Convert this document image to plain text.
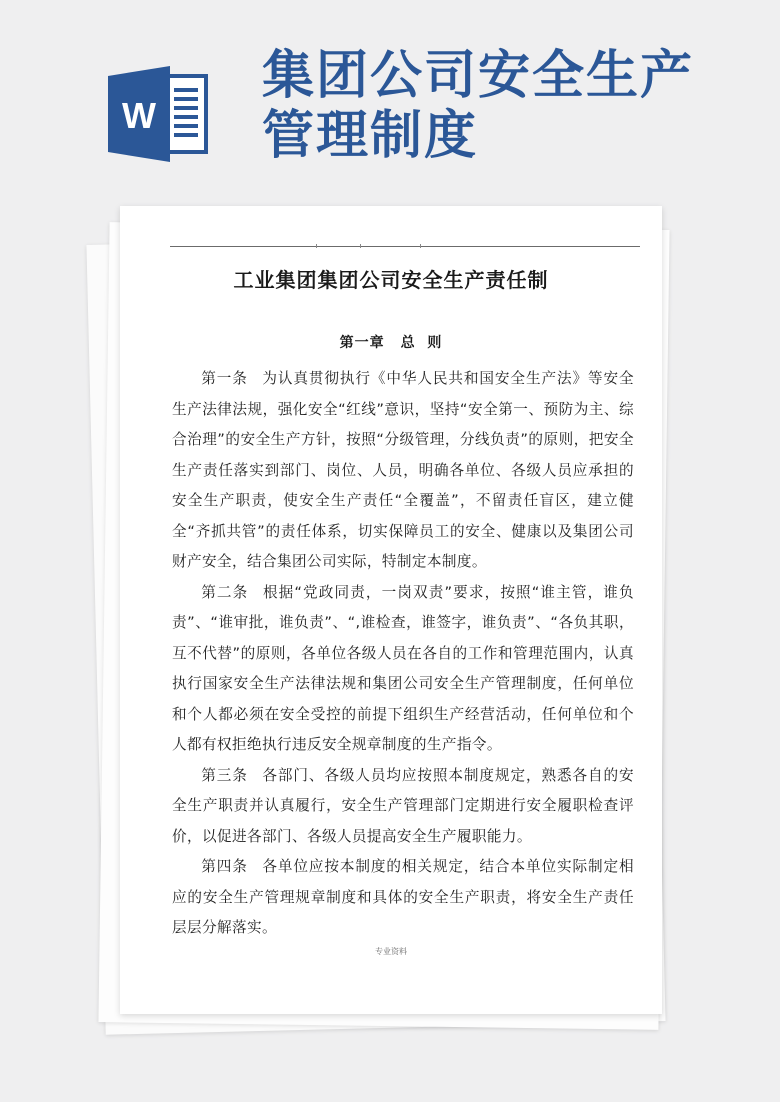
W
集团公司安全生产
管理制度
工业集团集团公司安全生产责任制
第一章 总  则

第一条 为认真贯彻执行《中华人民共和国安全生产法》等安全生产法律法规，强化安全“红线”意识，坚持“安全第一、预防为主、综合治理”的安全生产方针，按照“分级管理，分线负责”的原则，把安全生产责任落实到部门、岗位、人员，明确各单位、各级人员应承担的安全生产职责，使安全生产责任“全覆盖”，不留责任盲区，建立健全“齐抓共管”的责任体系，切实保障员工的安全、健康以及集团公司财产安全，结合集团公司实际，特制定本制度。

第二条 根据“党政同责，一岗双责”要求，按照“谁主管，谁负责”、“谁审批，谁负责”、“,谁检查，谁签字，谁负责”、“各负其职，互不代替”的原则，各单位各级人员在各自的工作和管理范围内，认真执行国家安全生产法律法规和集团公司安全生产管理制度，任何单位和个人都必须在安全受控的前提下组织生产经营活动，任何单位和个人都有权拒绝执行违反安全规章制度的生产指令。

第三条 各部门、各级人员均应按照本制度规定，熟悉各自的安全生产职责并认真履行，安全生产管理部门定期进行安全履职检查评价，以促进各部门、各级人员提高安全生产履职能力。

第四条 各单位应按本制度的相关规定，结合本单位实际制定相应的安全生产管理规章制度和具体的安全生产职责，将安全生产责任层层分解落实。

专业资料
